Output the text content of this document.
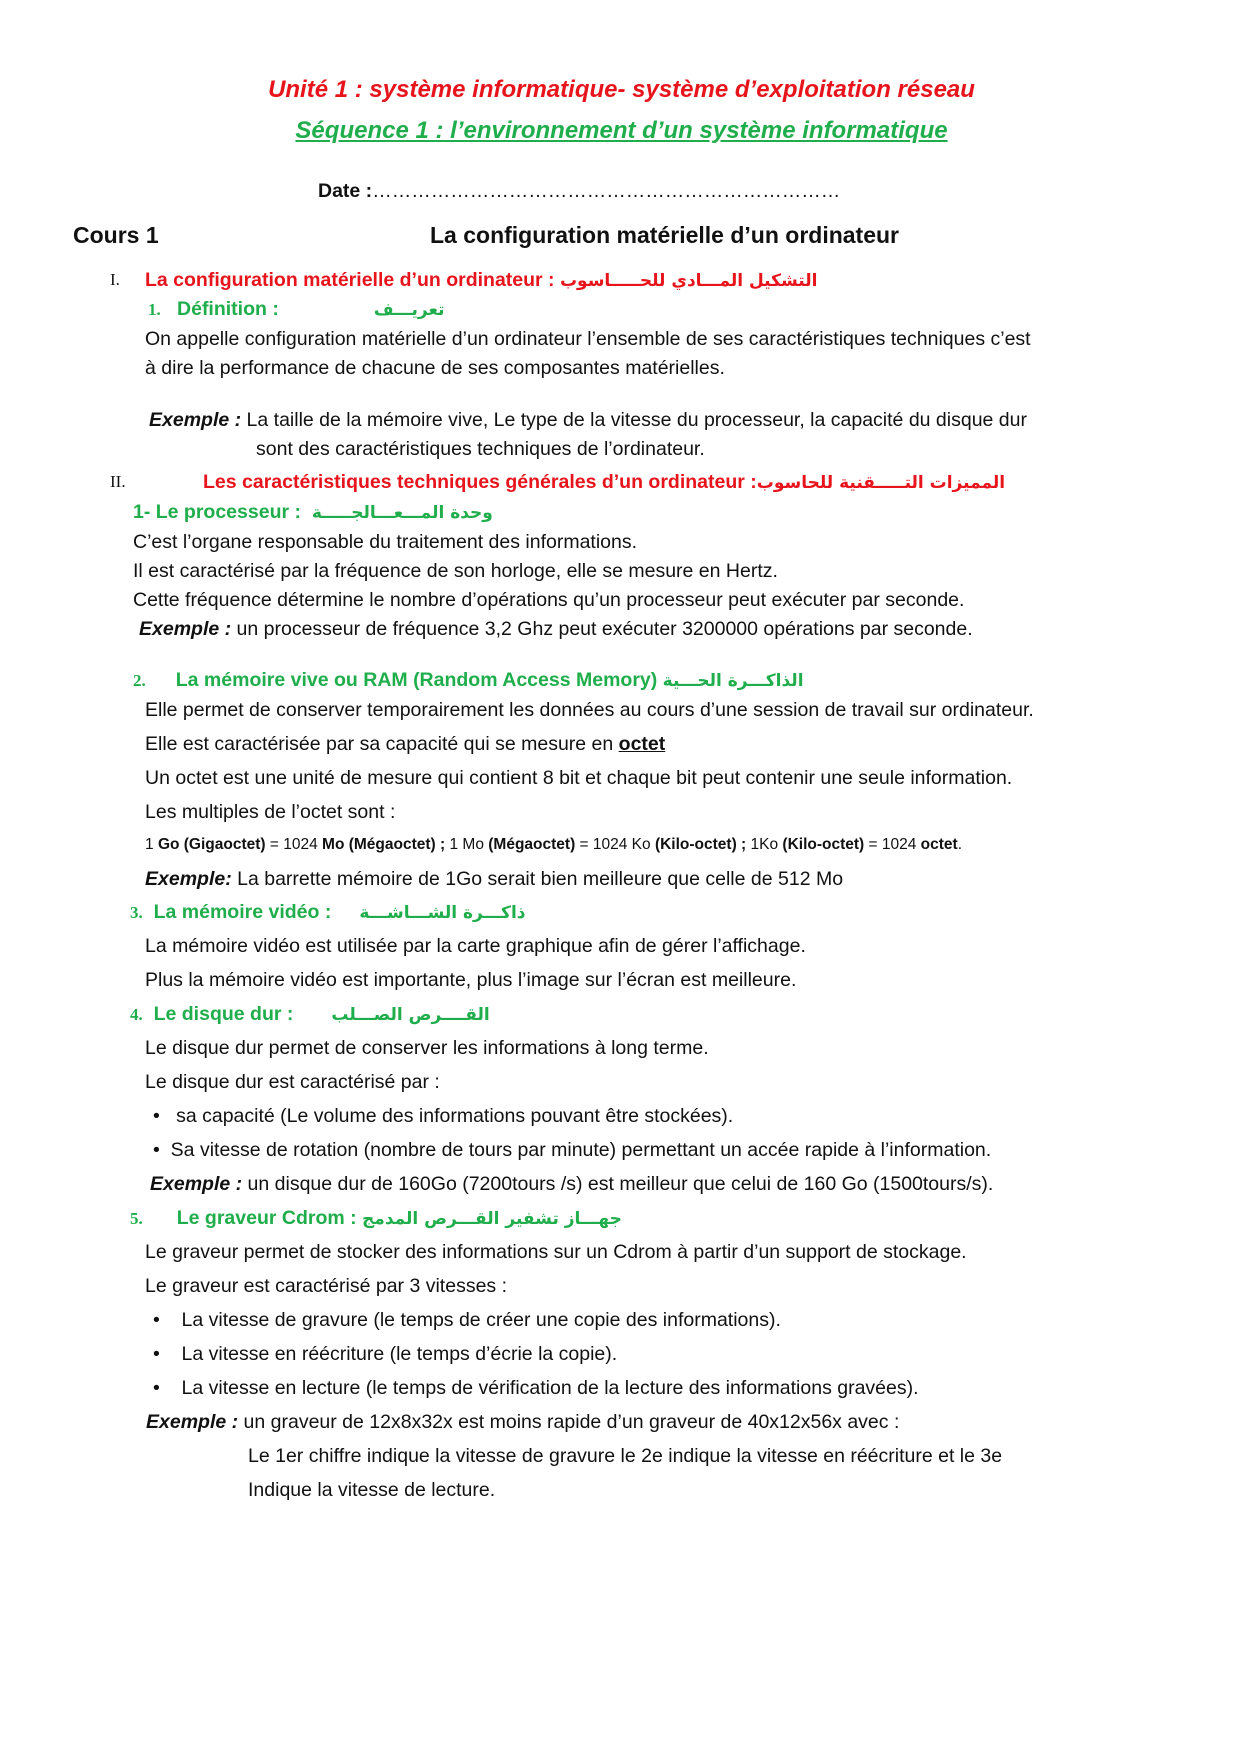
Unité 1 : système informatique- système d’exploitation réseau
Séquence 1 : l’environnement d’un système informatique
Date :………………………………………………………………
Cours 1	La configuration matérielle d’un ordinateur
I. La configuration matérielle d’un ordinateur : التشكيل المـــادي للحـــــاسوب
1. Définition :	تعريـــف
On appelle configuration matérielle d’un ordinateur l’ensemble de ses caractéristiques techniques c’est
à dire la performance de chacune de ses composantes matérielles.
Exemple : La taille de la mémoire vive, Le type de la vitesse du processeur, la capacité du disque dur
sont des caractéristiques techniques de l’ordinateur.
II.	Les caractéristiques techniques générales d’un ordinateur :المميزات التـــــقنية للحاسوب
1- Le processeur : وحدة المـــعـــالجـــــة
C’est l’organe responsable du traitement des informations.
Il est caractérisé par la fréquence de son horloge, elle se mesure en Hertz.
Cette fréquence détermine le nombre d’opérations qu’un processeur peut exécuter par seconde.
Exemple : un processeur de fréquence 3,2 Ghz peut exécuter 3200000 opérations par seconde.
2. La mémoire vive ou RAM (Random Access Memory) الذاكـــرة الحـــية
Elle permet de conserver temporairement les données au cours d’une session de travail sur ordinateur.
Elle est caractérisée par sa capacité qui se mesure en octet
Un octet est une unité de mesure qui contient 8 bit et chaque bit peut contenir une seule information.
Les multiples de l’octet sont :
1 Go (Gigaoctet) = 1024 Mo (Mégaoctet) ; 1 Mo (Mégaoctet) = 1024 Ko (Kilo-octet) ; 1Ko (Kilo-octet) = 1024 octet.
Exemple: La barrette mémoire de 1Go serait bien meilleure que celle de 512 Mo
3. La mémoire vidéo : ذاكـــرة الشـــاشـــة
La mémoire vidéo est utilisée par la carte graphique afin de gérer l’affichage.
Plus la mémoire vidéo est importante, plus l’image sur l’écran est meilleure.
4. Le disque dur : القــــرص الصـــلب
Le disque dur permet de conserver les informations à long terme.
Le disque dur est caractérisé par :
•   sa capacité (Le volume des informations pouvant être stockées).
•  Sa vitesse de rotation (nombre de tours par minute) permettant un accée rapide à l’information.
Exemple : un disque dur de 160Go (7200tours /s) est meilleur que celui de 160 Go (1500tours/s).
5. Le graveur Cdrom : جهـــاز تشفير القـــرص المدمج
Le graveur permet de stocker des informations sur un Cdrom à partir d’un support de stockage.
Le graveur est caractérisé par 3 vitesses :
•    La vitesse de gravure (le temps de créer une copie des informations).
•    La vitesse en réécriture (le temps d’écrie la copie).
•    La vitesse en lecture (le temps de vérification de la lecture des informations gravées).
Exemple : un graveur de 12x8x32x est moins rapide d’un graveur de 40x12x56x avec :
Le 1er chiffre indique la vitesse de gravure le 2e indique la vitesse en réécriture et le 3e
Indique la vitesse de lecture.
